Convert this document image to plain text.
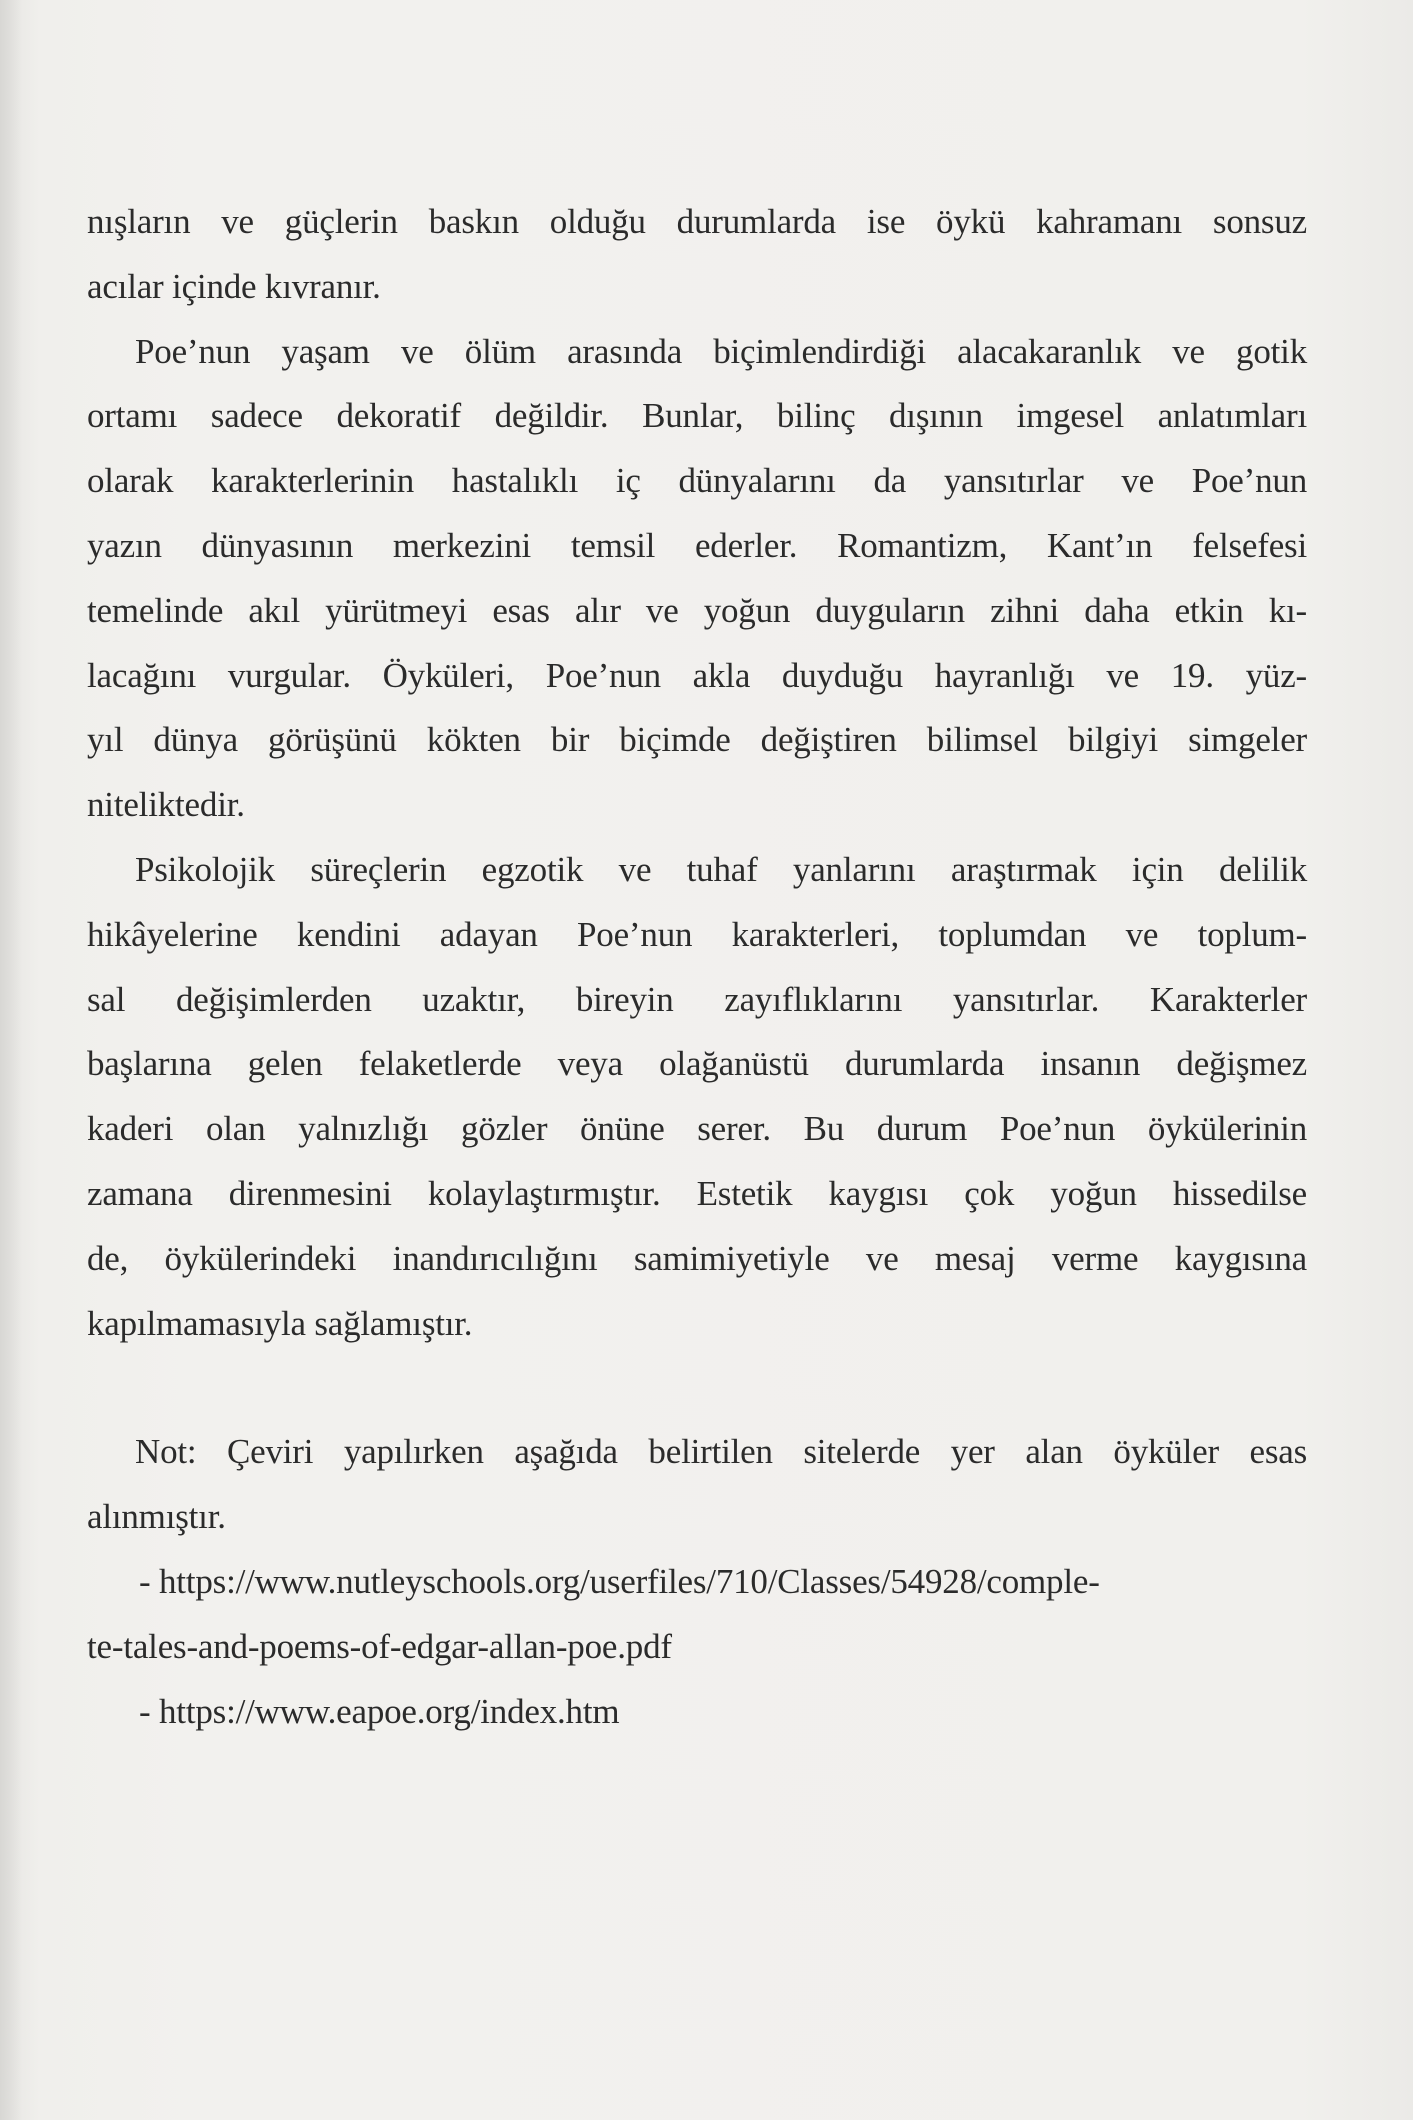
nışların ve güçlerin baskın olduğu durumlarda ise öykü kahramanı sonsuz
acılar içinde kıvranır.
Poe’nun yaşam ve ölüm arasında biçimlendirdiği alacakaranlık ve gotik
ortamı sadece dekoratif değildir. Bunlar, bilinç dışının imgesel anlatımları
olarak karakterlerinin hastalıklı iç dünyalarını da yansıtırlar ve Poe’nun
yazın dünyasının merkezini temsil ederler. Romantizm, Kant’ın felsefesi
temelinde akıl yürütmeyi esas alır ve yoğun duyguların zihni daha etkin kı-
lacağını vurgular. Öyküleri, Poe’nun akla duyduğu hayranlığı ve 19. yüz-
yıl dünya görüşünü kökten bir biçimde değiştiren bilimsel bilgiyi simgeler
niteliktedir.
Psikolojik süreçlerin egzotik ve tuhaf yanlarını araştırmak için delilik
hikâyelerine kendini adayan Poe’nun karakterleri, toplumdan ve toplum-
sal değişimlerden uzaktır, bireyin zayıflıklarını yansıtırlar. Karakterler
başlarına gelen felaketlerde veya olağanüstü durumlarda insanın değişmez
kaderi olan yalnızlığı gözler önüne serer. Bu durum Poe’nun öykülerinin
zamana direnmesini kolaylaştırmıştır. Estetik kaygısı çok yoğun hissedilse
de, öykülerindeki inandırıcılığını samimiyetiyle ve mesaj verme kaygısına
kapılmamasıyla sağlamıştır.
Not: Çeviri yapılırken aşağıda belirtilen sitelerde yer alan öyküler esas
alınmıştır.
- https://www.nutleyschools.org/userfiles/710/Classes/54928/comple-
te-tales-and-poems-of-edgar-allan-poe.pdf
- https://www.eapoe.org/index.htm
